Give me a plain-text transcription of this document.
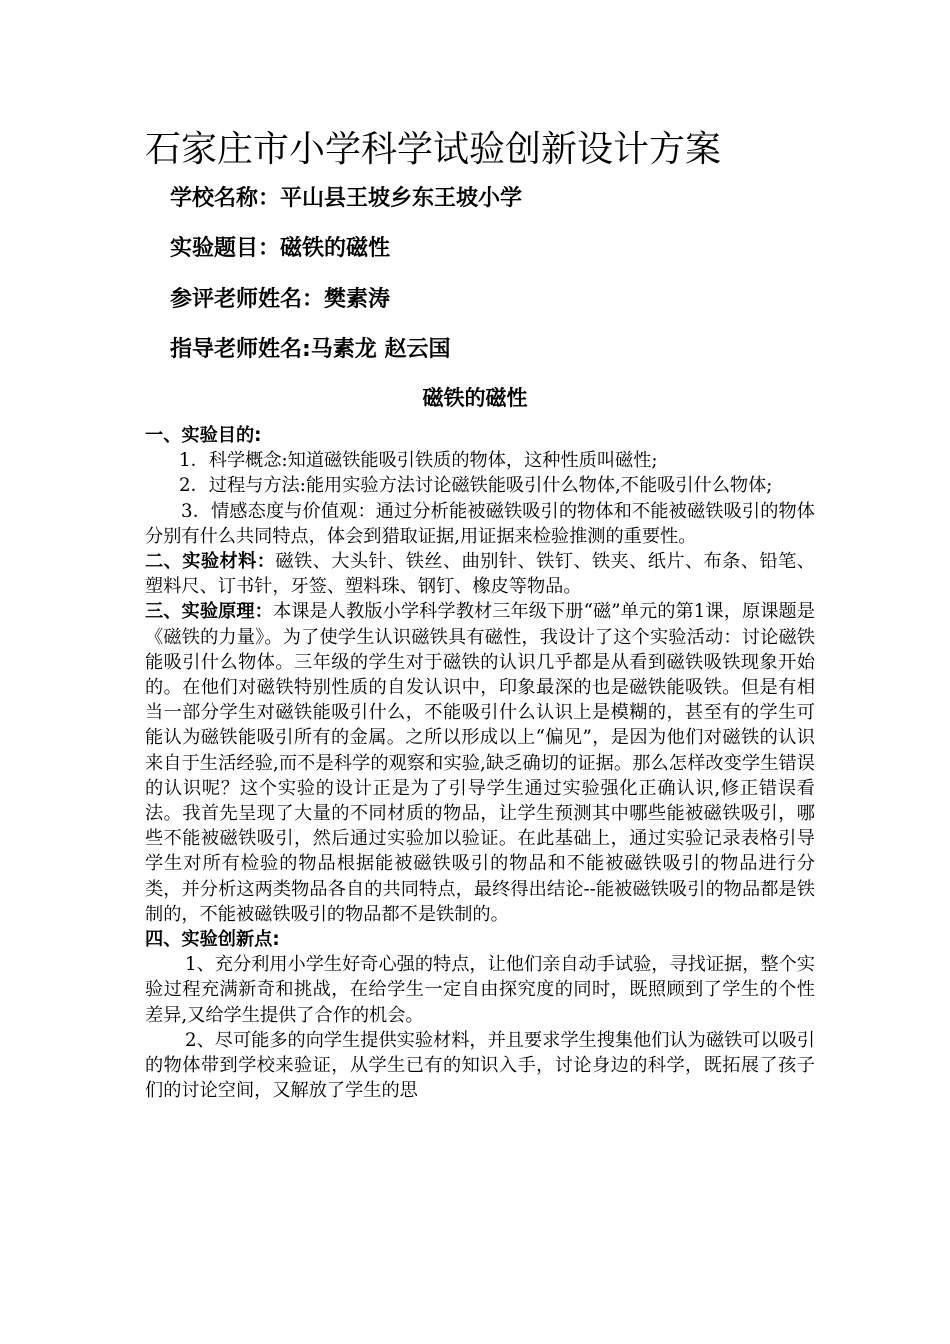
石家庄市小学科学试验创新设计方案
学校名称：平山县王坡乡东王坡小学
实验题目：磁铁的磁性
参评老师姓名：樊素涛
指导老师姓名:马素龙 赵云国
磁铁的磁性

一、实验目的:

1．科学概念:知道磁铁能吸引铁质的物体，这种性质叫磁性;

2．过程与方法:能用实验方法讨论磁铁能吸引什么物体,不能吸引什么物体;

3．情感态度与价值观：通过分析能被磁铁吸引的物体和不能被磁铁吸引的物体分别有什么共同特点，体会到猎取证据,用证据来检验推测的重要性。

二、实验材料：磁铁、大头针、铁丝、曲别针、铁钉、铁夹、纸片、布条、铅笔、塑料尺、订书针，牙签、塑料珠、钢钉、橡皮等物品。

三、实验原理：本课是人教版小学科学教材三年级下册“磁”单元的第1课，原课题是《磁铁的力量》。为了使学生认识磁铁具有磁性，我设计了这个实验活动：讨论磁铁能吸引什么物体。三年级的学生对于磁铁的认识几乎都是从看到磁铁吸铁现象开始的。在他们对磁铁特别性质的自发认识中，印象最深的也是磁铁能吸铁。但是有相当一部分学生对磁铁能吸引什么，不能吸引什么认识上是模糊的，甚至有的学生可能认为磁铁能吸引所有的金属。之所以形成以上“偏见”，是因为他们对磁铁的认识来自于生活经验,而不是科学的观察和实验,缺乏确切的证据。那么怎样改变学生错误的认识呢？这个实验的设计正是为了引导学生通过实验强化正确认识,修正错误看法。我首先呈现了大量的不同材质的物品，让学生预测其中哪些能被磁铁吸引，哪些不能被磁铁吸引，然后通过实验加以验证。在此基础上，通过实验记录表格引导学生对所有检验的物品根据能被磁铁吸引的物品和不能被磁铁吸引的物品进行分类，并分析这两类物品各自的共同特点，最终得出结论--能被磁铁吸引的物品都是铁制的，不能被磁铁吸引的物品都不是铁制的。

四、实验创新点:

1、充分利用小学生好奇心强的特点，让他们亲自动手试验，寻找证据，整个实验过程充满新奇和挑战，在给学生一定自由探究度的同时，既照顾到了学生的个性差异,又给学生提供了合作的机会。

2、尽可能多的向学生提供实验材料，并且要求学生搜集他们认为磁铁可以吸引的物体带到学校来验证，从学生已有的知识入手，讨论身边的科学，既拓展了孩子们的讨论空间，又解放了学生的思
